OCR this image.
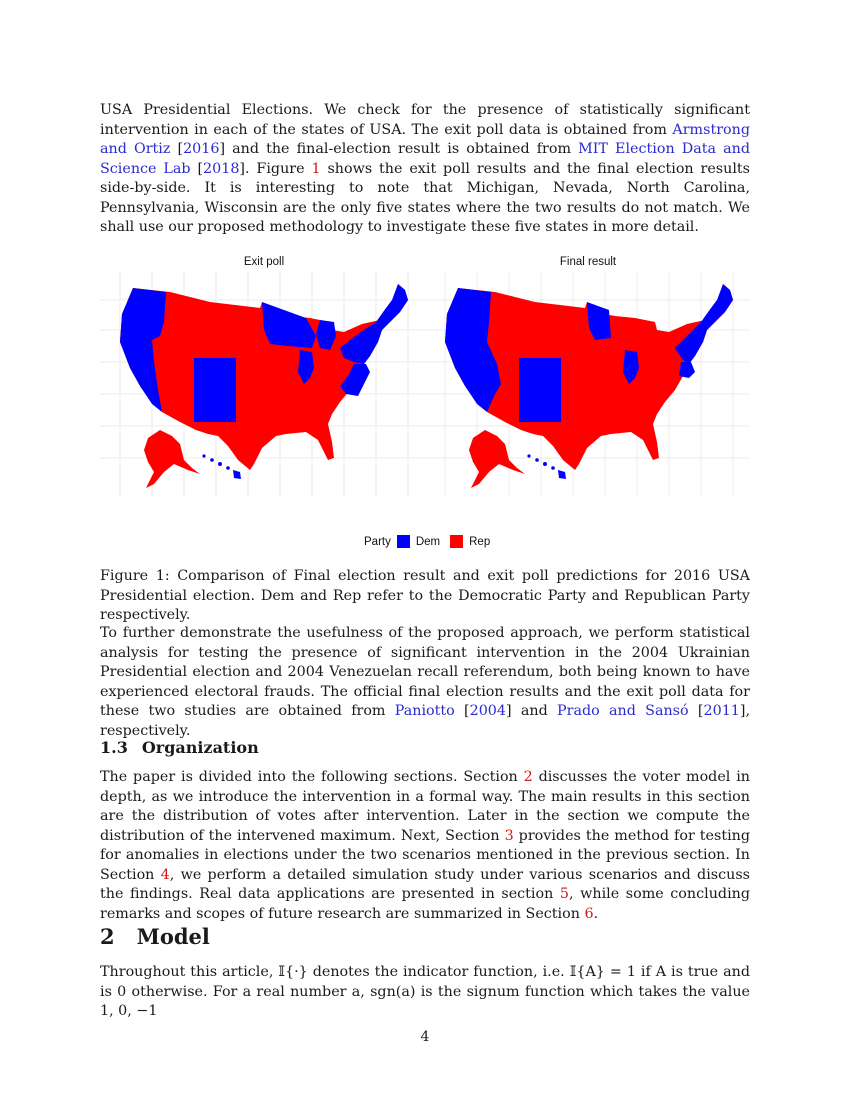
USA Presidential Elections. We check for the presence of statistically significant intervention in each of the states of USA. The exit poll data is obtained from Armstrong and Ortiz [2016] and the final-election result is obtained from MIT Election Data and Science Lab [2018]. Figure 1 shows the exit poll results and the final election results side-by-side. It is interesting to note that Michigan, Nevada, North Carolina, Pennsylvania, Wisconsin are the only five states where the two results do not match. We shall use our proposed methodology to investigate these five states in more detail.

Exit poll	Final result
Party Dem	Rep

Figure 1: Comparison of Final election result and exit poll predictions for 2016 USA Presidential election. Dem and Rep refer to the Democratic Party and Republican Party respectively.

To further demonstrate the usefulness of the proposed approach, we perform statistical analysis for testing the presence of significant intervention in the 2004 Ukrainian Presidential election and 2004 Venezuelan recall referendum, both being known to have experienced electoral frauds. The official final election results and the exit poll data for these two studies are obtained from Paniotto [2004] and Prado and Sansó [2011], respectively.

1.3 Organization

The paper is divided into the following sections. Section 2 discusses the voter model in depth, as we introduce the intervention in a formal way. The main results in this section are the distribution of votes after intervention. Later in the section we compute the distribution of the intervened maximum. Next, Section 3 provides the method for testing for anomalies in elections under the two scenarios mentioned in the previous section. In Section 4, we perform a detailed simulation study under various scenarios and discuss the findings. Real data applications are presented in section 5, while some concluding remarks and scopes of future research are summarized in Section 6.

2 Model

Throughout this article, 𝕀{·} denotes the indicator function, i.e. 𝕀{A} = 1 if A is true and is 0 otherwise. For a real number a, sgn(a) is the signum function which takes the value 1, 0, −1

4
